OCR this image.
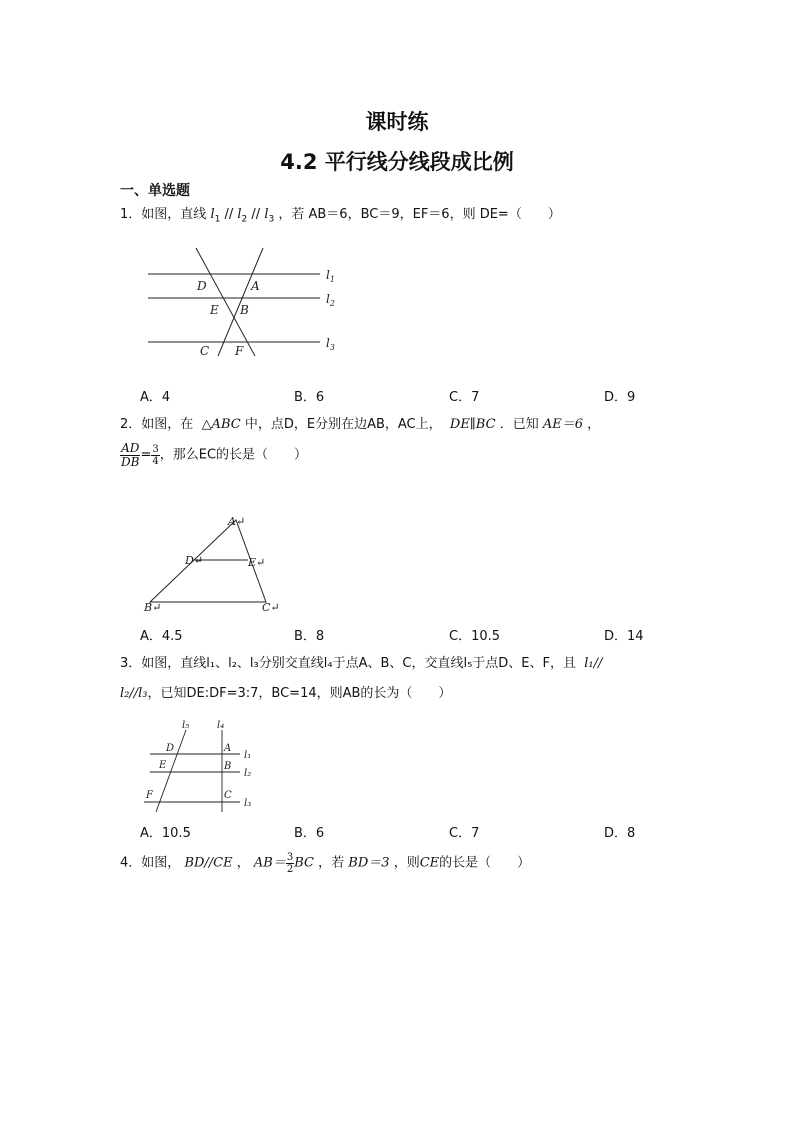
课时练
4.2 平行线分线段成比例
一、单选题
1．如图，直线 $l_1 // l_2 // l_3$ ，若 AB＝6，BC＝9，EF＝6，则 DE=（　　）
$l_1$
$l_2$
$l_3$
D	A
E B
C F
A．4	B．6	C．7	D．9
2．如图，在 △ABC 中，点D，E分别在边AB，AC上， DE∥BC ．已知 AE＝6 ，
$\frac{AD}{DB} = \frac{3}{4}$ ，那么EC的长是（　　）
A↵
D↵	E↵
B↵	C↵
A．4.5	B．8	C．10.5	D．14
3．如图，直线l₁、l₂、l₃分别交直线l₄于点A、B、C，交直线l₅于点D、E、F，且 l₁//
l₂//l₃，已知DE:DF=3:7，BC=14，则AB的长为（　　）
l₅	l₄
D	A
l₁
E	B
l₂
F	C
l₃
A．10.5	B．6	C．7	D．8
4．如图， BD//CE ， $AB= \frac{3}{2}$ BC ，若 BD＝3 ，则CE的长是（　　）
